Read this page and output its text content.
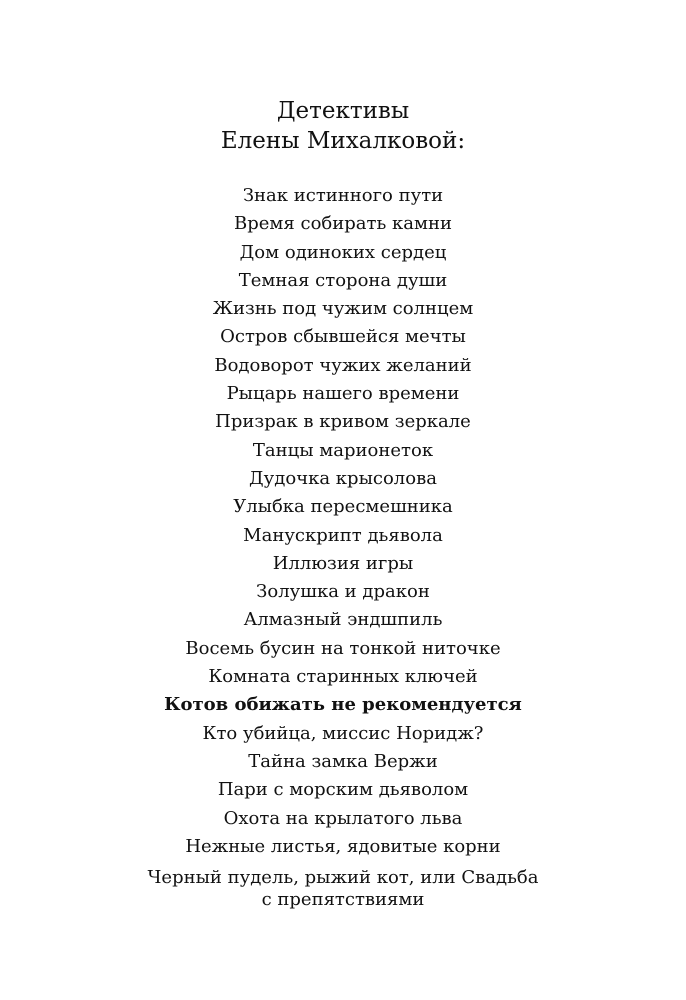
Детективы
Елены Михалковой:
Знак истинного пути
Время собирать камни
Дом одиноких сердец
Темная сторона души
Жизнь под чужим солнцем
Остров сбывшейся мечты
Водоворот чужих желаний
Рыцарь нашего времени
Призрак в кривом зеркале
Танцы марионеток
Дудочка крысолова
Улыбка пересмешника
Манускрипт дьявола
Иллюзия игры
Золушка и дракон
Алмазный эндшпиль
Восемь бусин на тонкой ниточке
Комната старинных ключей
Котов обижать не рекомендуется
Кто убийца, миссис Норидж?
Тайна замка Вержи
Пари с морским дьяволом
Охота на крылатого льва
Нежные листья, ядовитые корни
Черный пудель, рыжий кот, или Свадьба
с препятствиями
